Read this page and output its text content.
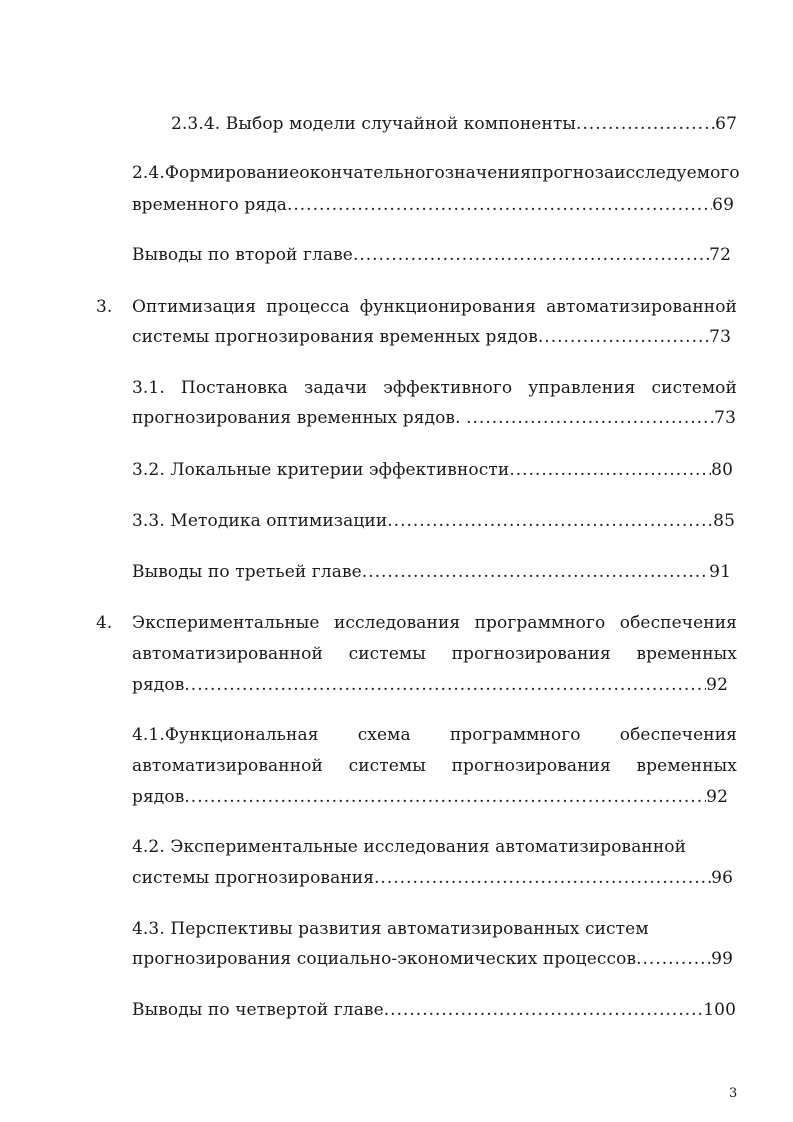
2.3.4. Выбор модели случайной компоненты .....	67
2.4. Формирование окончательного значения прогноза исследуемого
временного ряда .....	69
Выводы по второй главе .....	72
3. Оптимизация процесса функционирования автоматизированной
системы прогнозирования временных рядов .....	73
3.1. Постановка задачи эффективного управления системой
прогнозирования временных рядов. .....	73
3.2. Локальные критерии эффективности .....	80
3.3. Методика оптимизации .....	85
Выводы по третьей главе .....	91
4. Экспериментальные исследования программного обеспечения
автоматизированной системы прогнозирования временных
рядов .....	92
4.1.Функциональная схема программного обеспечения
автоматизированной системы прогнозирования временных
рядов .....	92
4.2. Экспериментальные исследования автоматизированной
системы прогнозирования .....	96
4.3. Перспективы развития автоматизированных систем
прогнозирования социально-экономических процессов .....	99
Выводы по четвертой главе .....	100
3
